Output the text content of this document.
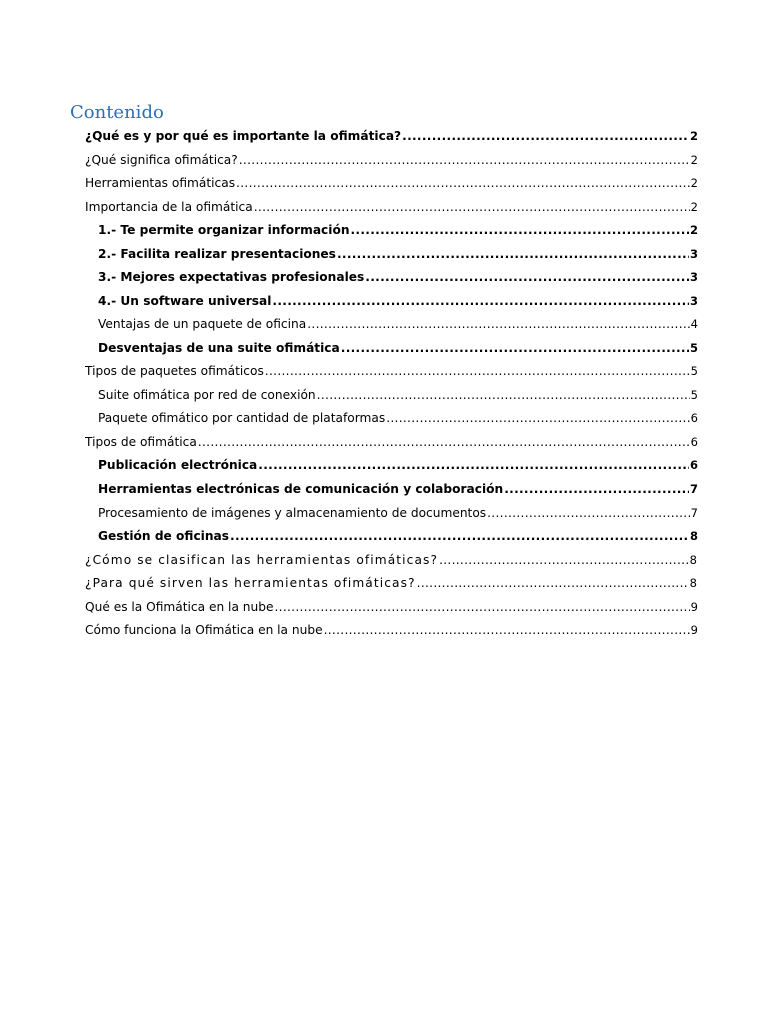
Contenido
¿Qué es y por qué es importante la ofimática? .....	2
¿Qué significa ofimática? .....	2
Herramientas ofimáticas .....	2
Importancia de la ofimática .....	2
1.- Te permite organizar información .....	2
2.- Facilita realizar presentaciones .....	3
3.- Mejores expectativas profesionales .....	3
4.- Un software universal .....	3
Ventajas de un paquete de oficina .....	4
Desventajas de una suite ofimática .....	5
Tipos de paquetes ofimáticos .....	5
Suite ofimática por red de conexión .....	5
Paquete ofimático por cantidad de plataformas .....	6
Tipos de ofimática .....	6
Publicación electrónica .....	6
Herramientas electrónicas de comunicación y colaboración .....	7
Procesamiento de imágenes y almacenamiento de documentos .....	7
Gestión de oficinas .....	8
¿Cómo se clasifican las herramientas ofimáticas? .....	8
¿Para qué sirven las herramientas ofimáticas? .....	8
Qué es la Ofimática en la nube .....	9
Cómo funciona la Ofimática en la nube .....	9
